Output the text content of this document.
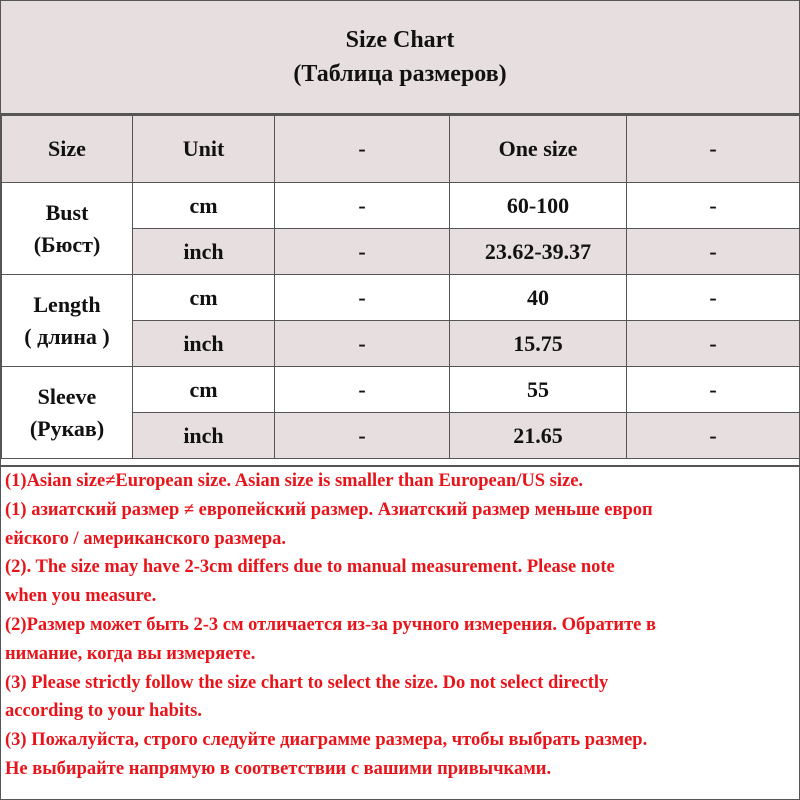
Size Chart
(Таблица размеров)
Size	Unit	-	One size	-

Bust
(Бюст)	cm	-	60-100	-
	inch	-	23.62-39.37	-

Length
( длина )	cm	-	40	-
	inch	-	15.75	-

Sleeve
(Рукав)	cm	-	55	-
	inch	-	21.65	-
(1)Asian size≠European size. Asian size is smaller than European/US size.
(1) азиатский размер ≠ европейский размер. Азиатский размер меньше европ
ейского / американского размера.
(2). The size may have 2-3cm differs due to manual measurement. Please note
when you measure.
(2)Размер может быть 2-3 см отличается из-за ручного измерения. Обратите в
нимание, когда вы измеряете.
(3) Please strictly follow the size chart to select the size. Do not select directly
according to your habits.
(3) Пожалуйста, строго следуйте диаграмме размера, чтобы выбрать размер.
Не выбирайте напрямую в соответствии с вашими привычками.
